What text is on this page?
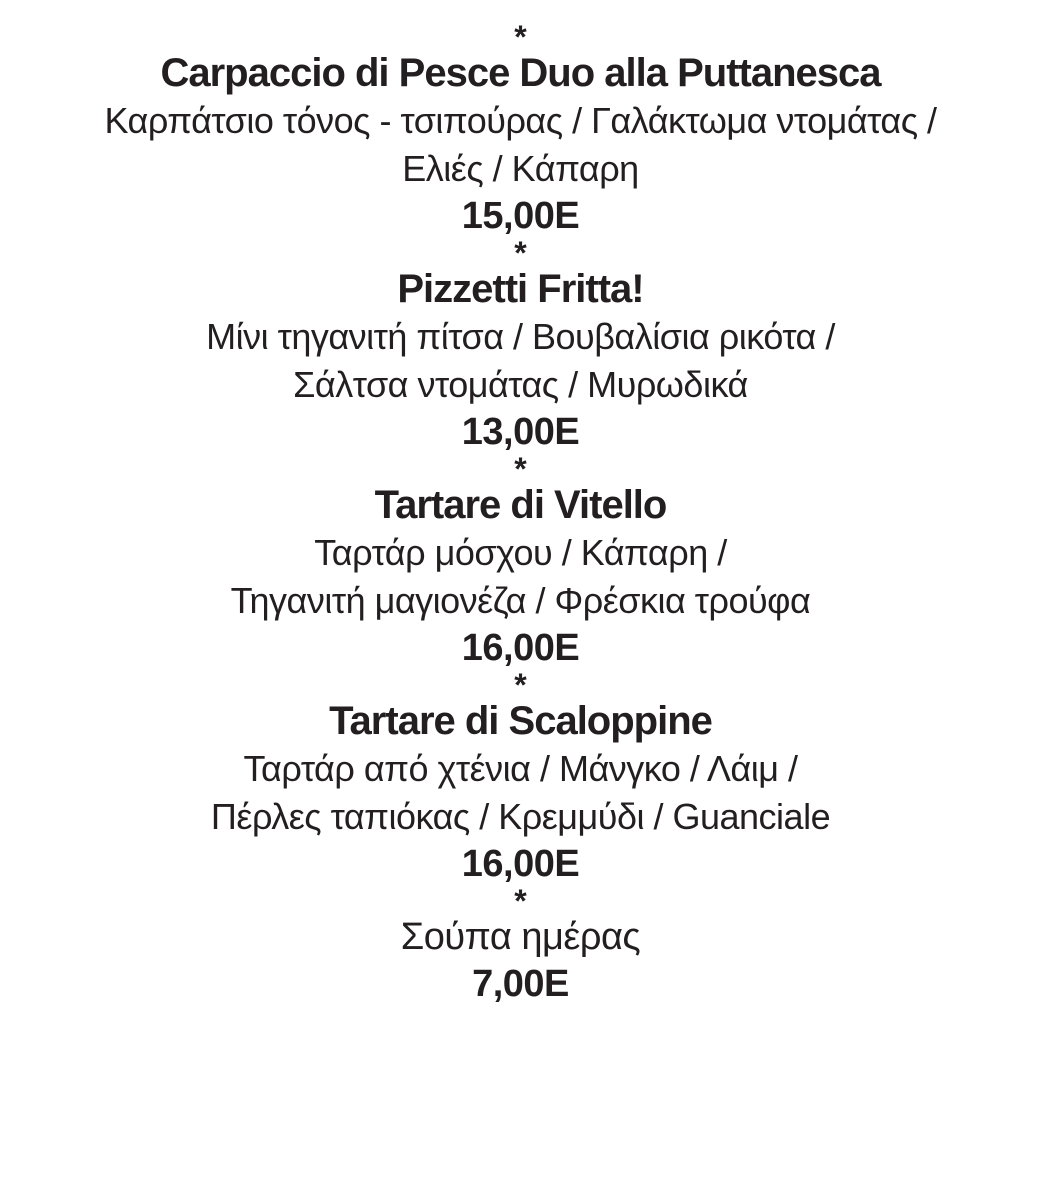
*
Carpaccio di Pesce Duo alla Puttanesca
Καρπάτσιο τόνος - τσιπούρας / Γαλάκτωμα ντομάτας /
Ελιές / Κάπαρη
15,00E
*
Pizzetti Fritta!
Μίνι τηγανιτή πίτσα / Βουβαλίσια ρικότα /
Σάλτσα ντομάτας / Μυρωδικά
13,00E
*
Tartare di Vitello
Ταρτάρ μόσχου / Κάπαρη /
Τηγανιτή μαγιονέζα / Φρέσκια τρούφα
16,00E
*
Tartare di Scaloppine
Ταρτάρ από χτένια / Μάνγκο / Λάιμ /
Πέρλες ταπιόκας / Κρεμμύδι / Guanciale
16,00E
*
Σούπα ημέρας
7,00E
